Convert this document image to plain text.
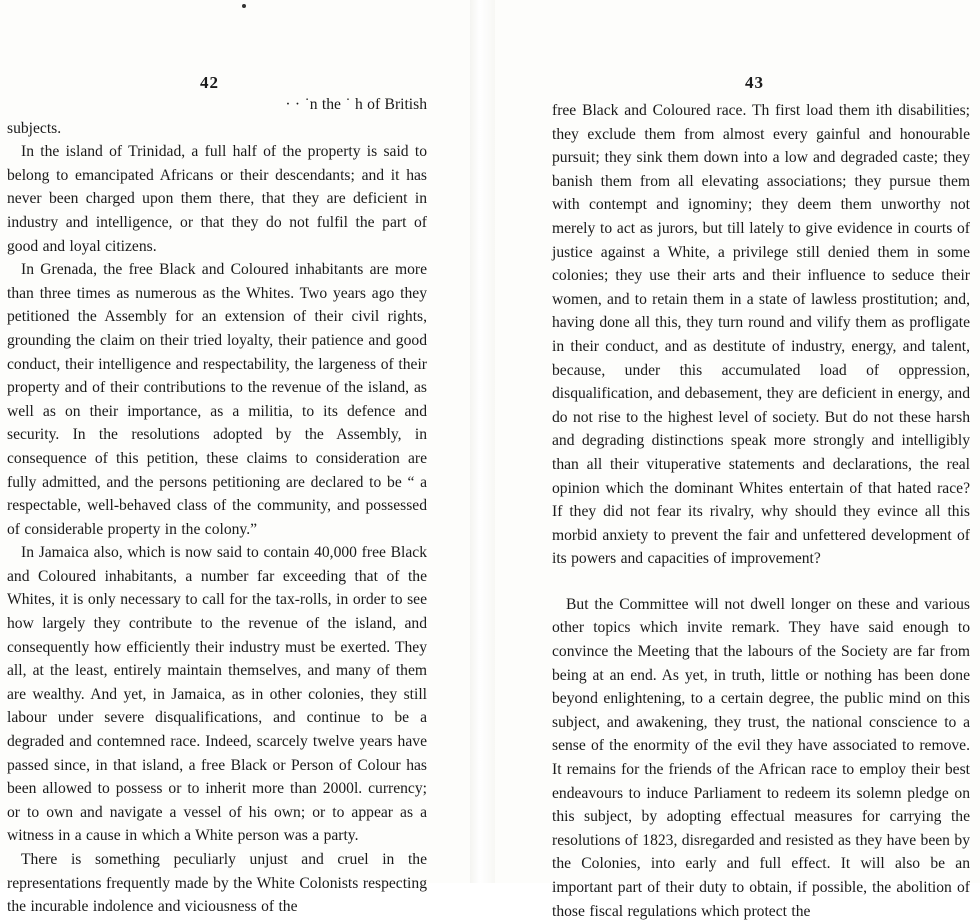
42

· · ˙n the ˙ h of British

subjects.

In the island of Trinidad, a full half of the property is said to belong to emancipated Africans or their descendants; and it has never been charged upon them there, that they are deficient in industry and intelligence, or that they do not fulfil the part of good and loyal citizens.

In Grenada, the free Black and Coloured inhabitants are more than three times as numerous as the Whites. Two years ago they petitioned the Assembly for an extension of their civil rights, grounding the claim on their tried loyalty, their patience and good conduct, their intelligence and respectability, the largeness of their property and of their contributions to the revenue of the island, as well as on their importance, as a militia, to its defence and security. In the resolutions adopted by the Assembly, in consequence of this petition, these claims to consideration are fully admitted, and the persons petitioning are declared to be “ a respectable, well-behaved class of the community, and possessed of considerable property in the colony.”

In Jamaica also, which is now said to contain 40,000 free Black and Coloured inhabitants, a number far exceeding that of the Whites, it is only necessary to call for the tax-rolls, in order to see how largely they contribute to the revenue of the island, and consequently how efficiently their industry must be exerted. They all, at the least, entirely maintain themselves, and many of them are wealthy. And yet, in Jamaica, as in other colonies, they still labour under severe disqualifications, and continue to be a degraded and contemned race. Indeed, scarcely twelve years have passed since, in that island, a free Black or Person of Colour has been allowed to possess or to inherit more than 2000l. currency; or to own and navigate a vessel of his own; or to appear as a witness in a cause in which a White person was a party.

There is something peculiarly unjust and cruel in the representations frequently made by the White Colonists respecting the incurable indolence and viciousness of the

43

free Black and Coloured race. Th first load them ith disabilities; they exclude them from almost every gainful and honourable pursuit; they sink them down into a low and degraded caste; they banish them from all elevating associations; they pursue them with contempt and ignominy; they deem them unworthy not merely to act as jurors, but till lately to give evidence in courts of justice against a White, a privilege still denied them in some colonies; they use their arts and their influence to seduce their women, and to retain them in a state of lawless prostitution; and, having done all this, they turn round and vilify them as profligate in their conduct, and as destitute of industry, energy, and talent, because, under this accumulated load of oppression, disqualification, and debasement, they are deficient in energy, and do not rise to the highest level of society. But do not these harsh and degrading distinctions speak more strongly and intelligibly than all their vituperative statements and declarations, the real opinion which the dominant Whites entertain of that hated race? If they did not fear its rivalry, why should they evince all this morbid anxiety to prevent the fair and unfettered development of its powers and capacities of improvement?

But the Committee will not dwell longer on these and various other topics which invite remark. They have said enough to convince the Meeting that the labours of the Society are far from being at an end. As yet, in truth, little or nothing has been done beyond enlightening, to a certain degree, the public mind on this subject, and awakening, they trust, the national conscience to a sense of the enormity of the evil they have associated to remove. It remains for the friends of the African race to employ their best endeavours to induce Parliament to redeem its solemn pledge on this subject, by adopting effectual measures for carrying the resolutions of 1823, disregarded and resisted as they have been by the Colonies, into early and full effect. It will also be an important part of their duty to obtain, if possible, the abolition of those fiscal regulations which protect the
